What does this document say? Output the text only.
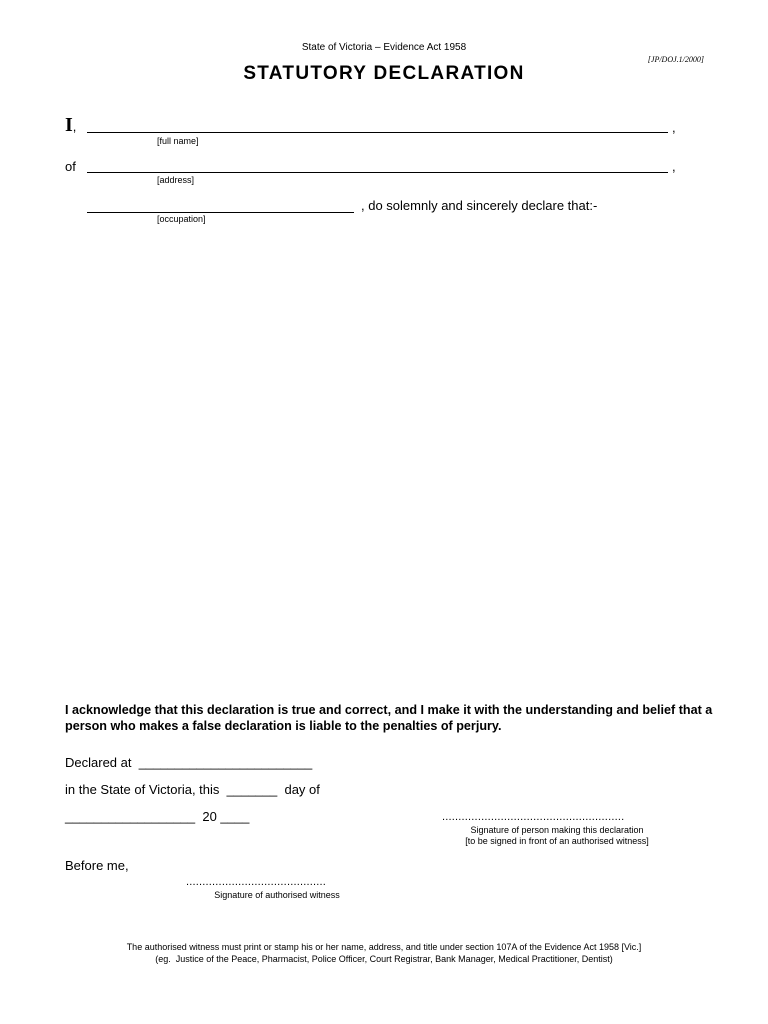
State of Victoria – Evidence Act 1958
[JP/DOJ.1/2000]
STATUTORY DECLARATION
I,	,
[full name]
of	,
[address]
, do solemnly and sincerely declare that:-
[occupation]
I acknowledge that this declaration is true and correct, and I make it with the understanding and belief that a person who makes a false declaration is liable to the penalties of perjury.
Declared at  ________________________
in the State of Victoria, this  _______  day of
__________________  20 ____	........................................................
Signature of person making this declaration
[to be signed in front of an authorised witness]
Before me,
...........................................
Signature of authorised witness
The authorised witness must print or stamp his or her name, address, and title under section 107A of the Evidence Act 1958 [Vic.]
(eg.  Justice of the Peace, Pharmacist, Police Officer, Court Registrar, Bank Manager, Medical Practitioner, Dentist)
